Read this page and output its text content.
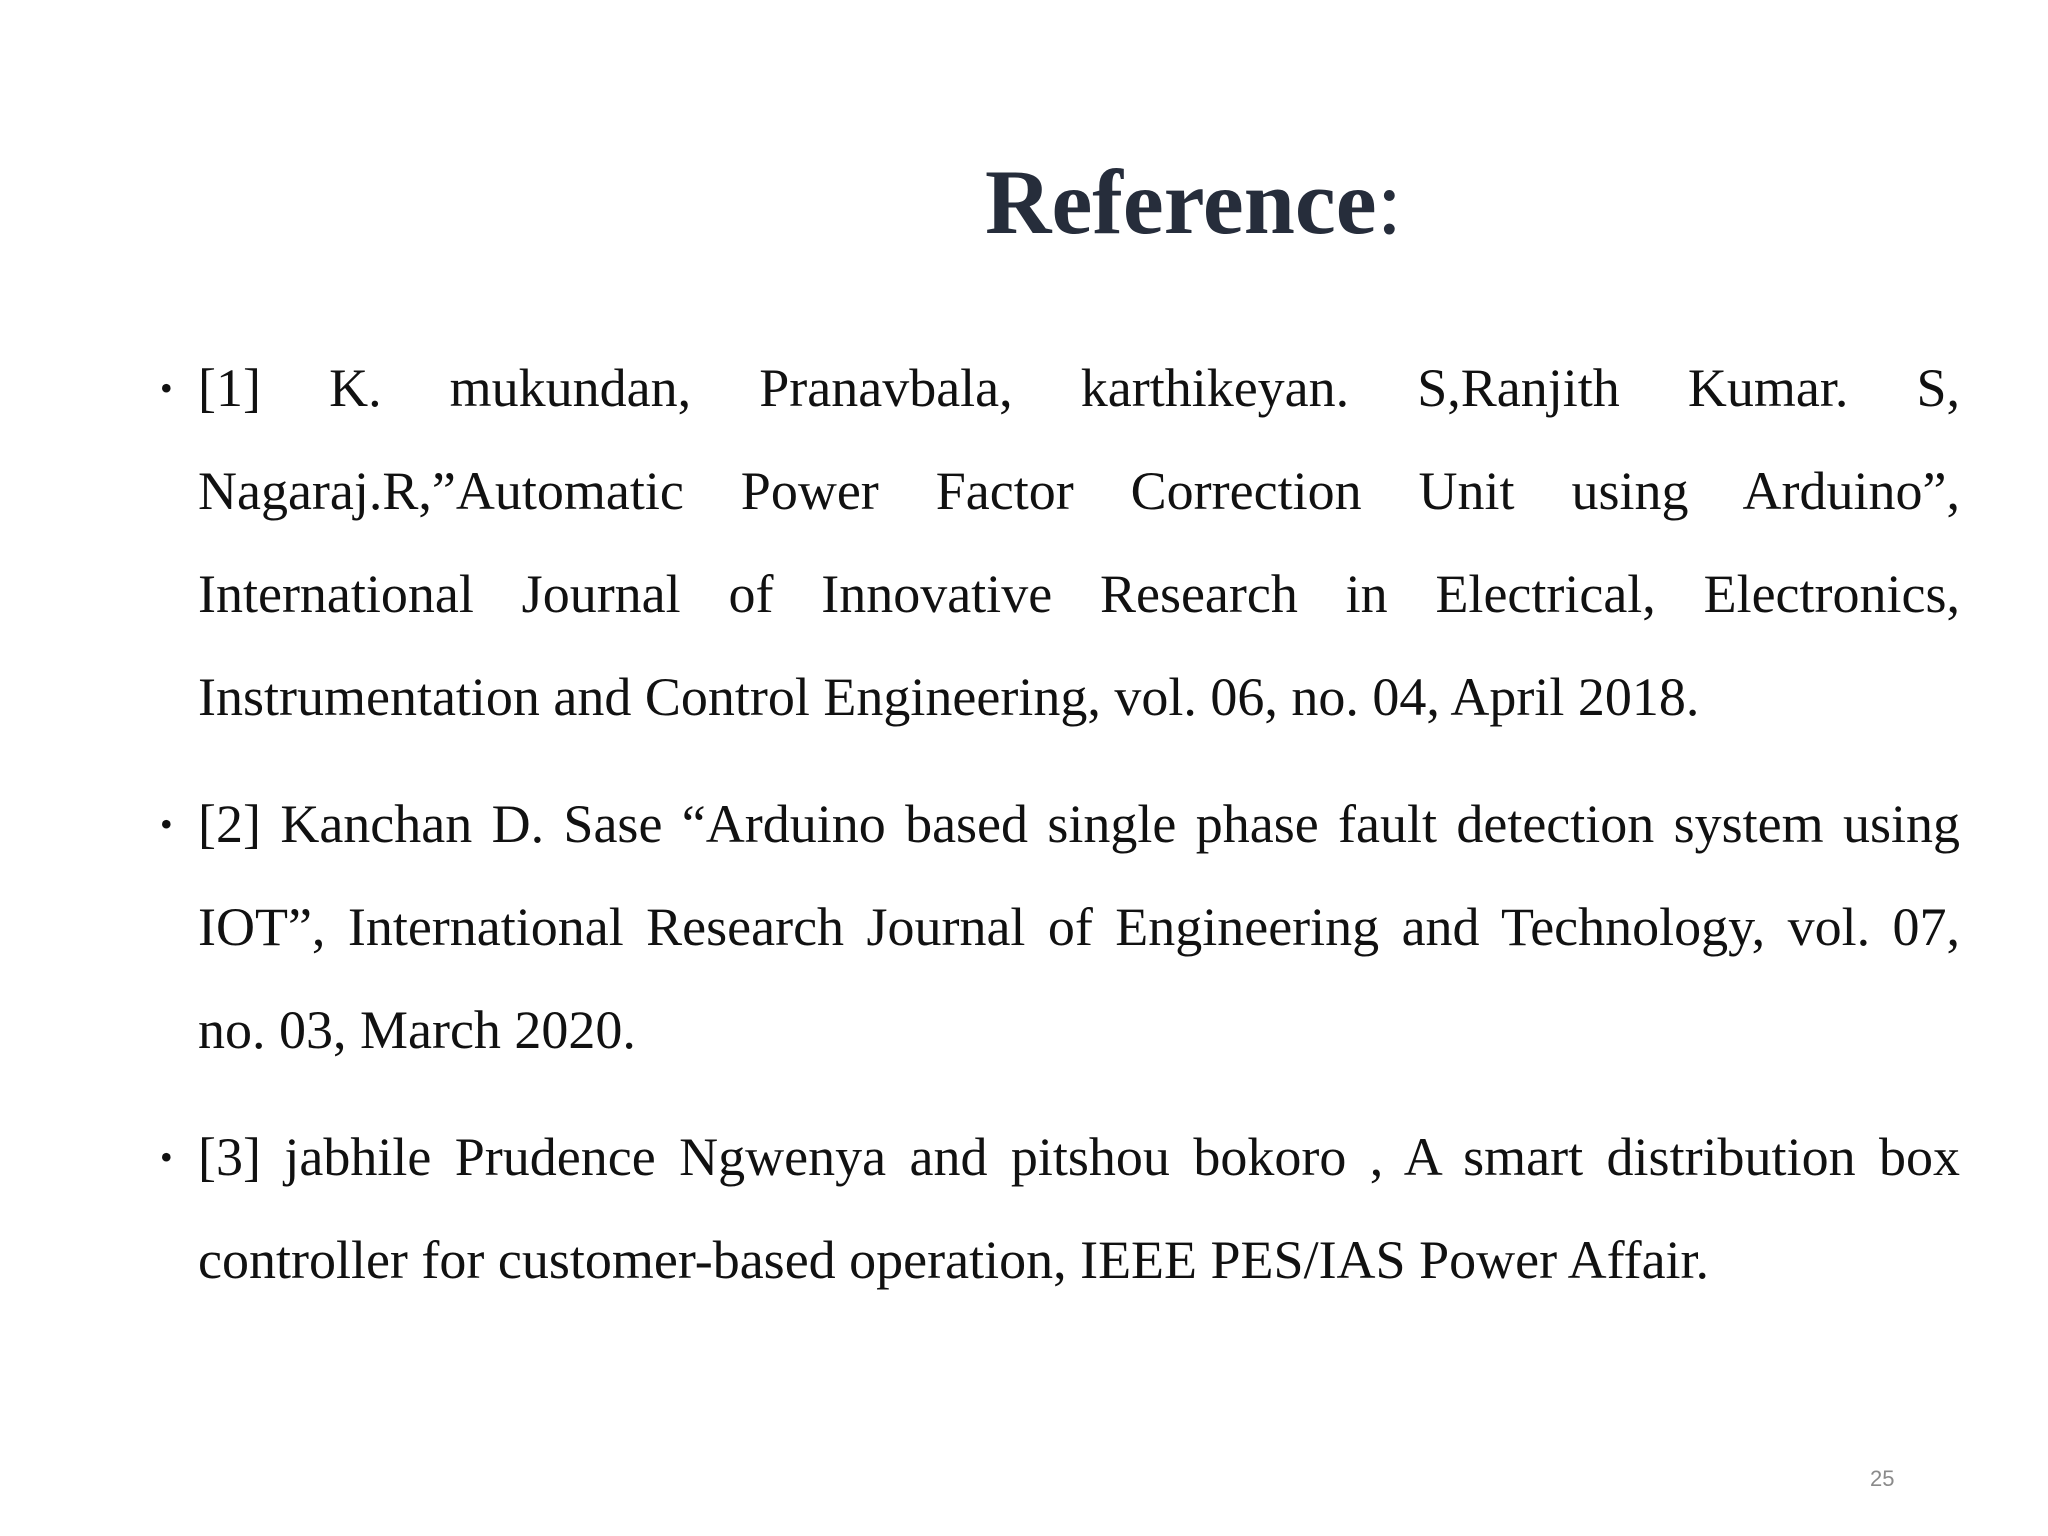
Reference:
• [1] K. mukundan, Pranavbala, karthikeyan. S,Ranjith Kumar. S, Nagaraj.R,”Automatic Power Factor Correction Unit using Arduino”, International Journal of Innovative Research in Electrical, Electronics, Instrumentation and Control Engineering, vol. 06, no. 04, April 2018.
• [2] Kanchan D. Sase “Arduino based single phase fault detection system using IOT”, International Research Journal of Engineering and Technology, vol. 07, no. 03, March 2020.
• [3] jabhile Prudence Ngwenya and pitshou bokoro , A smart distribution box controller for customer-based operation, IEEE PES/IAS Power Affair.
25
